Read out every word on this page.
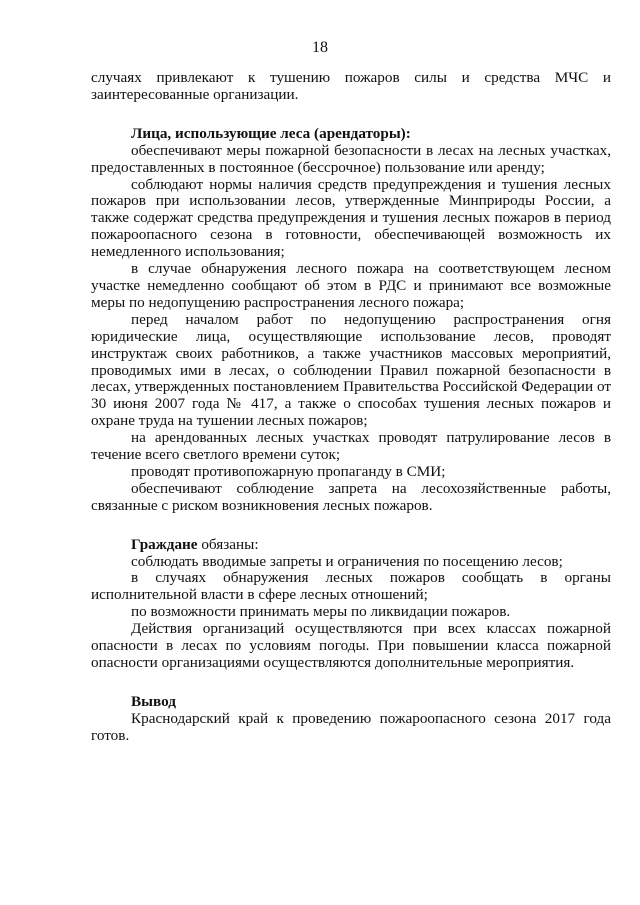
18

случаях привлекают к тушению пожаров силы и средства МЧС и заинтересованные организации.

Лица, использующие леса (арендаторы):

обеспечивают меры пожарной безопасности в лесах на лесных участках, предоставленных в постоянное (бессрочное) пользование или аренду;

соблюдают нормы наличия средств предупреждения и тушения лесных пожаров при использовании лесов, утвержденные Минприроды России, а также содержат средства предупреждения и тушения лесных пожаров в период пожароопасного сезона в готовности, обеспечивающей возможность их немедленного использования;

в случае обнаружения лесного пожара на соответствующем лесном участке немедленно сообщают об этом в РДС и принимают все возможные меры по недопущению распространения лесного пожара;

перед началом работ по недопущению распространения огня юридические лица, осуществляющие использование лесов, проводят инструктаж своих работников, а также участников массовых мероприятий, проводимых ими в лесах, о соблюдении Правил пожарной безопасности в лесах, утвержденных постановлением Правительства Российской Федерации от 30 июня 2007 года № 417, а также о способах тушения лесных пожаров и охране труда на тушении лесных пожаров;

на арендованных лесных участках проводят патрулирование лесов в течение всего светлого времени суток;

проводят противопожарную пропаганду в СМИ;

обеспечивают соблюдение запрета на лесохозяйственные работы, связанные с риском возникновения лесных пожаров.

Граждане обязаны:

соблюдать вводимые запреты и ограничения по посещению лесов;

в случаях обнаружения лесных пожаров сообщать в органы исполнительной власти в сфере лесных отношений;

по возможности принимать меры по ликвидации пожаров.

Действия организаций осуществляются при всех классах пожарной опасности в лесах по условиям погоды. При повышении класса пожарной опасности организациями осуществляются дополнительные мероприятия.

Вывод

Краснодарский край к проведению пожароопасного сезона 2017 года готов.
